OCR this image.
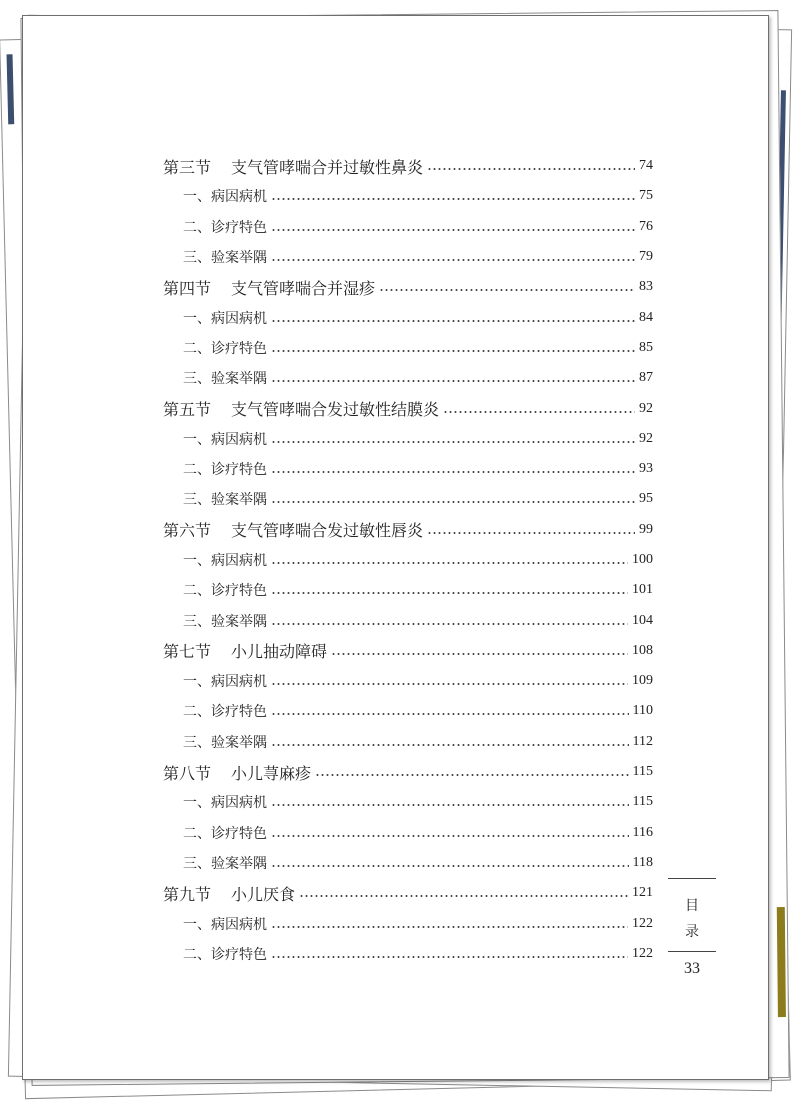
第三节 支气管哮喘合并过敏性鼻炎	74
一、病因病机	75
二、诊疗特色	76
三、验案举隅	79
第四节 支气管哮喘合并湿疹	83
一、病因病机	84
二、诊疗特色	85
三、验案举隅	87
第五节 支气管哮喘合发过敏性结膜炎	92
一、病因病机	92
二、诊疗特色	93
三、验案举隅	95
第六节 支气管哮喘合发过敏性唇炎	99
一、病因病机	100
二、诊疗特色	101
三、验案举隅	104
第七节 小儿抽动障碍	108
一、病因病机	109
二、诊疗特色	110
三、验案举隅	112
第八节 小儿荨麻疹	115
一、病因病机	115
二、诊疗特色	116
三、验案举隅	118
第九节 小儿厌食	121
一、病因病机	122
二、诊疗特色	122
目
录
33
